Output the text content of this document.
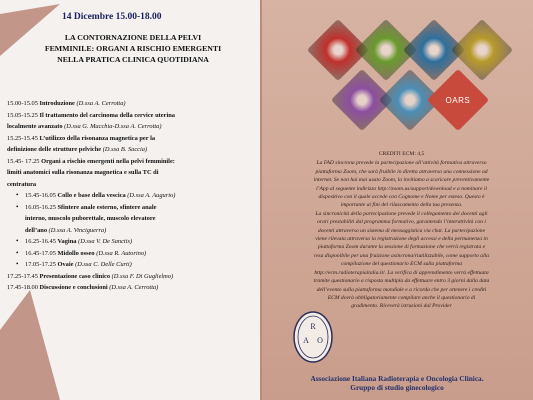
14 Dicembre 15.00-18.00
LA CONTORNAZIONE DELLA PELVI
FEMMINILE: ORGANI A RISCHIO EMERGENTI
NELLA PRATICA CLINICA QUOTIDIANA
15.00-15.05 Introduzione (D.ssa A. Cerrotta)
15.05-15.25 Il trattamento del carcinoma della cervice uterina
localmente avanzato (D.ssa G. Macchia-D.ssa A. Cerrotta)
15.25-15.45 L’utilizzo della risonanza magnetica per la
definizione delle strutture pelviche (D.ssa B. Saccia)
15.45- 17.25 Organi a rischio emergenti nella pelvi femminile:
limiti anatomici sulla risonanza magnetica e sulla TC di
centratura
• 15.45-16.05 Collo e base della vescica (D.ssa A. Augurio)
• 16.05-16.25 Sfintere anale esterno, sfintere anale
interno, muscolo puborettale, muscolo elevatore
dell’ano (D.ssa A. Vinciguerra)
• 16.25-16.45 Vagina (D.ssa V. De Sanctis)
• 16.45-17.05 Midollo osseo (D.ssa R. Autorino)
• 17.05-17.25 Ovaie (D.ssa C. Delle Curti)
17.25-17.45 Presentazione caso clinico (D.ssa F. Di Guglielmo)
17.45-18.00 Discussione e conclusioni (D.ssa A. Cerrotta)
OARS
CREDITI ECM: 4,5
La FAD sincrona prevede la partecipazione all’attività formativa attraverso
piattaforma Zoom, che sarà fruibile in diretta attraverso una connessione ad
internet. Se non hai mai usato Zoom, la invitiamo a scaricare preventivamente
l’App al seguente indirizzo http://zoom.us/support/download e a nominare il
dispositivo con il quale accede con Cognome e Nome per esteso. Questo è
importante ai fini del rilascamento della tua presenza.
La sincronicità della partecipazione prevede il collegamento dei docenti agli
orari prestabiliti dal programma formativo, garantendo l’interattività con i
docenti attraverso un sistema di messaggistica via chat. La partecipazione
viene rilevata attraverso la registrazione degli accessi e della permanenza in
piattaforma Zoom durante la sessione di formazione che verrà registrata e
resa disponibile per una fruizione asincrona/riutilizzabile, come supporto alla
compilazione del questionario ECM sulla piattaforma
http://ecm.radioterapiaitalia.it/. La verifica di apprendimento verrà effettuata
tramite questionario a risposta multipla da effettuare entro 3 giorni dalla data
dell’evento sulla piattaforma mondiale e a ricorda che per ottenere i crediti
ECM dovrà obbligatoriamente compilare anche il questionario di
gradimento. Riceverà istruzioni dal Provider
R
A O
Associazione Italiana Radioterapia e Oncologia Clinica.
Gruppo di studio ginecologico
